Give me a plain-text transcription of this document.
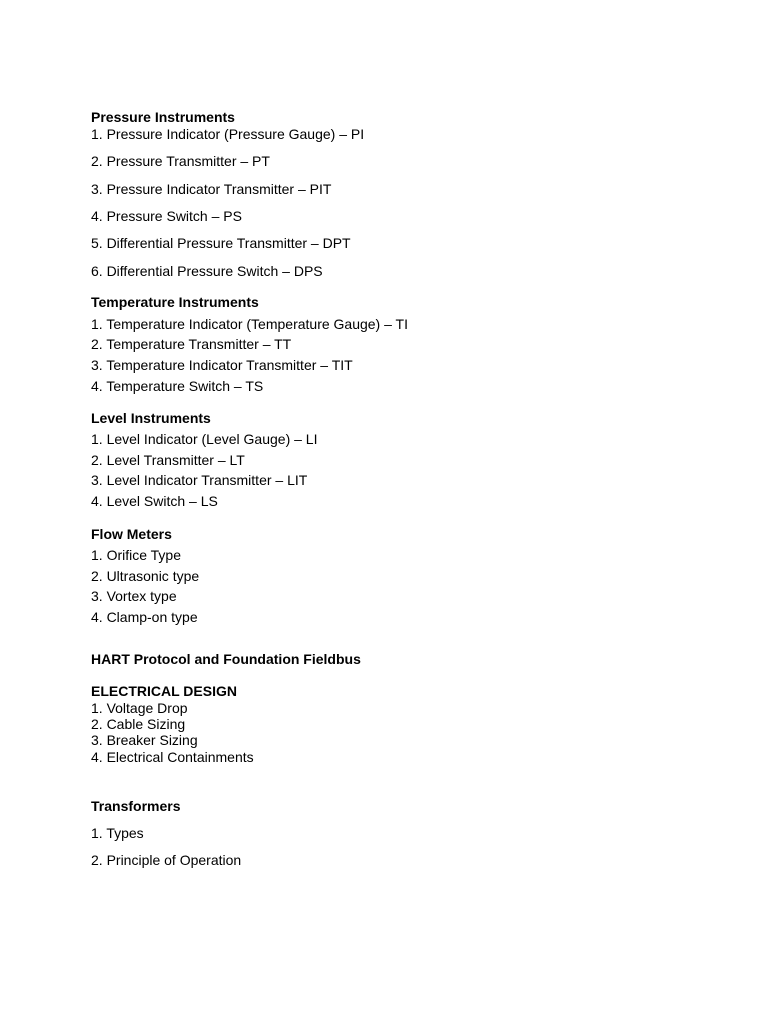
Pressure Instruments
1. Pressure Indicator (Pressure Gauge) – PI
2. Pressure Transmitter – PT
3. Pressure Indicator Transmitter – PIT
4. Pressure Switch – PS
5. Differential Pressure Transmitter – DPT
6. Differential Pressure Switch – DPS
Temperature Instruments
1. Temperature Indicator (Temperature Gauge) – TI
2. Temperature Transmitter – TT
3. Temperature Indicator Transmitter – TIT
4. Temperature Switch – TS
Level Instruments
1. Level Indicator (Level Gauge) – LI
2. Level Transmitter – LT
3. Level Indicator Transmitter – LIT
4. Level Switch – LS
Flow Meters
1. Orifice Type
2. Ultrasonic type
3. Vortex type
4. Clamp-on type
HART Protocol and Foundation Fieldbus
ELECTRICAL DESIGN
1. Voltage Drop
2. Cable Sizing
3. Breaker Sizing
4. Electrical Containments
Transformers
1. Types
2. Principle of Operation
